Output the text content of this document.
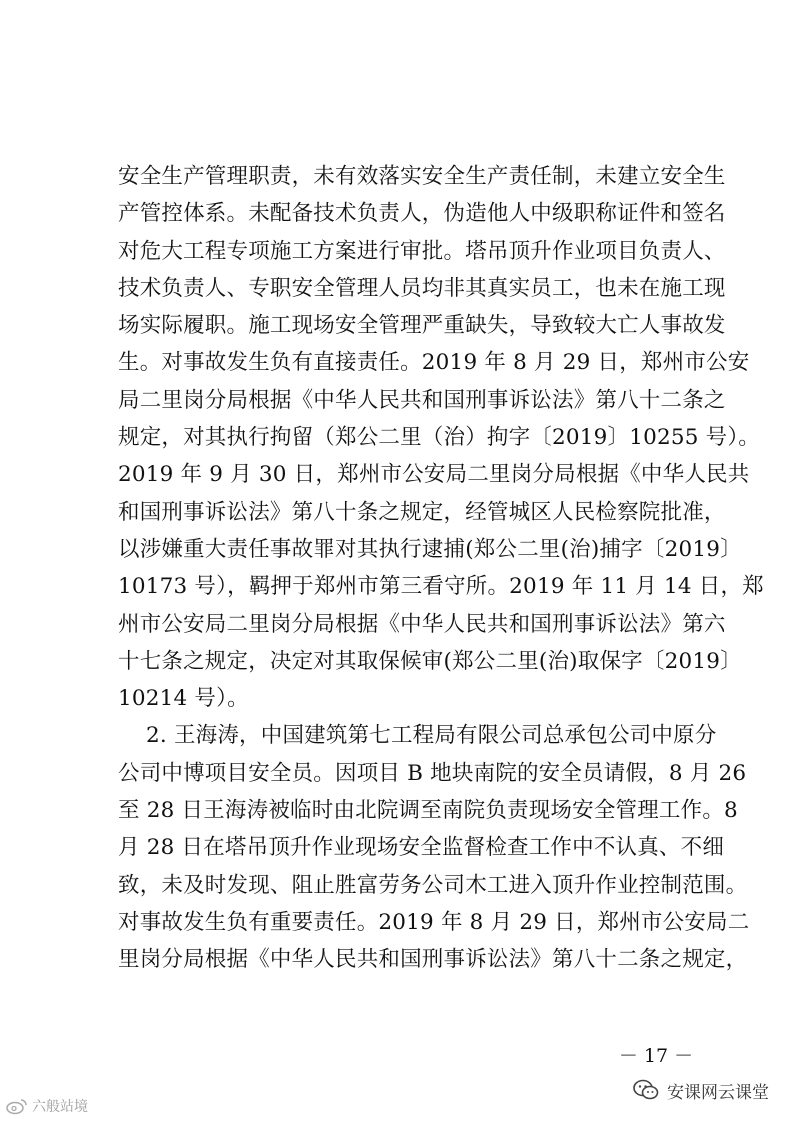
安全生产管理职责，未有效落实安全生产责任制，未建立安全生
产管控体系。未配备技术负责人，伪造他人中级职称证件和签名
对危大工程专项施工方案进行审批。塔吊顶升作业项目负责人、
技术负责人、专职安全管理人员均非其真实员工，也未在施工现
场实际履职。施工现场安全管理严重缺失，导致较大亡人事故发
生。对事故发生负有直接责任。2019 年 8 月 29 日，郑州市公安
局二里岗分局根据《中华人民共和国刑事诉讼法》第八十二条之
规定，对其执行拘留（郑公二里（治）拘字〔2019〕10255 号）。
2019 年 9 月 30 日，郑州市公安局二里岗分局根据《中华人民共
和国刑事诉讼法》第八十条之规定，经管城区人民检察院批准，
以涉嫌重大责任事故罪对其执行逮捕(郑公二里(治)捕字〔2019〕
10173 号），羁押于郑州市第三看守所。2019 年 11 月 14 日，郑
州市公安局二里岗分局根据《中华人民共和国刑事诉讼法》第六
十七条之规定，决定对其取保候审(郑公二里(治)取保字〔2019〕
10214 号）。
2. 王海涛，中国建筑第七工程局有限公司总承包公司中原分
公司中博项目安全员。因项目 B 地块南院的安全员请假，8 月 26
至 28 日王海涛被临时由北院调至南院负责现场安全管理工作。8
月 28 日在塔吊顶升作业现场安全监督检查工作中不认真、不细
致，未及时发现、阻止胜富劳务公司木工进入顶升作业控制范围。
对事故发生负有重要责任。2019 年 8 月 29 日，郑州市公安局二
里岗分局根据《中华人民共和国刑事诉讼法》第八十二条之规定，
－ 17 －
安课网云课堂
六般站境
